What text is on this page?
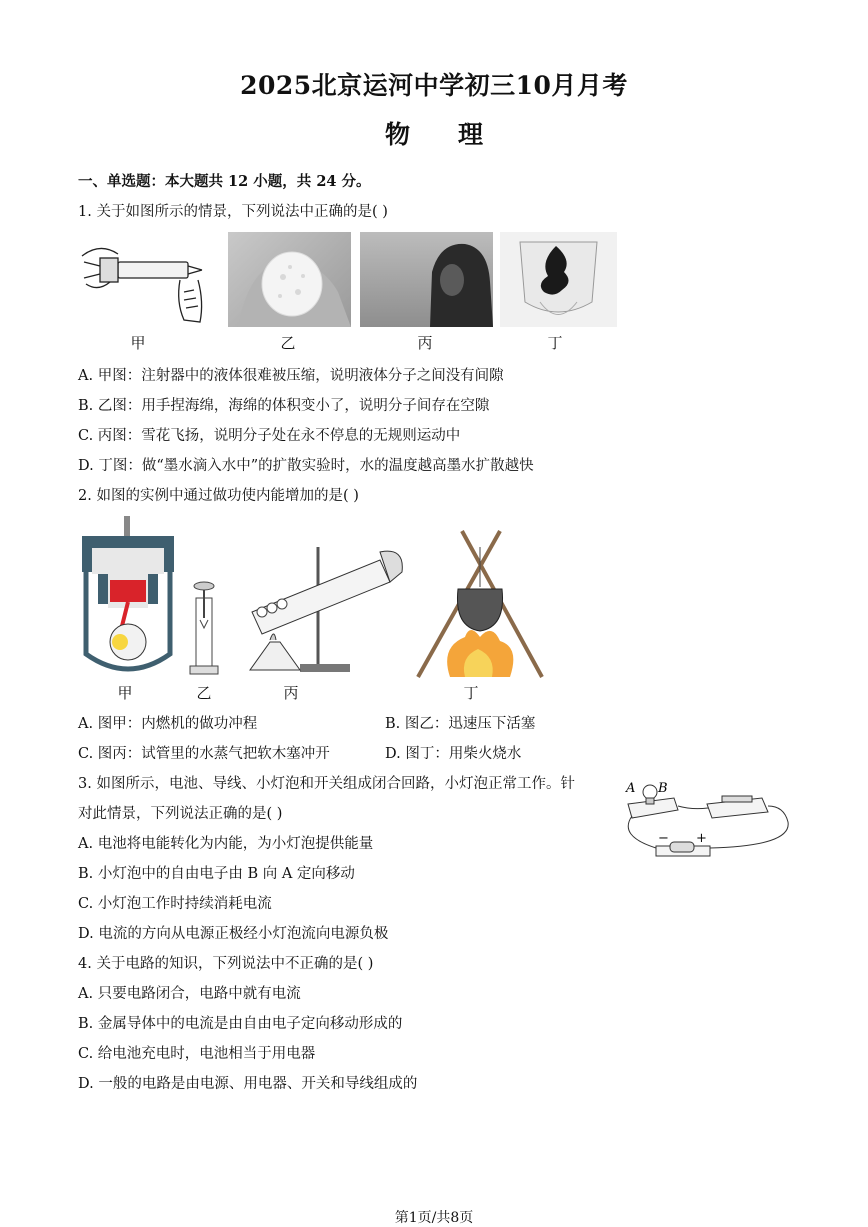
2025北京运河中学初三10月月考
物理
一、单选题：本大题共 12 小题，共 24 分。
1. 关于如图所示的情景，下列说法中正确的是( )
甲	乙	丙	丁
A. 甲图：注射器中的液体很难被压缩，说明液体分子之间没有间隙
B. 乙图：用手捏海绵，海绵的体积变小了，说明分子间存在空隙
C. 丙图：雪花飞扬，说明分子处在永不停息的无规则运动中
D. 丁图：做“墨水滴入水中”的扩散实验时，水的温度越高墨水扩散越快
2. 如图的实例中通过做功使内能增加的是( )
甲	乙	丙	丁
A. 图甲：内燃机的做功冲程	B. 图乙：迅速压下活塞
C. 图丙：试管里的水蒸气把软木塞冲开	D. 图丁：用柴火烧水
3. 如图所示，电池、导线、小灯泡和开关组成闭合回路，小灯泡正常工作。针
对此情景，下列说法正确的是( )
A B
− +
A. 电池将电能转化为内能，为小灯泡提供能量
B. 小灯泡中的自由电子由 B 向 A 定向移动
C. 小灯泡工作时持续消耗电流
D. 电流的方向从电源正极经小灯泡流向电源负极
4. 关于电路的知识，下列说法中不正确的是( )
A. 只要电路闭合，电路中就有电流
B. 金属导体中的电流是由自由电子定向移动形成的
C. 给电池充电时，电池相当于用电器
D. 一般的电路是由电源、用电器、开关和导线组成的
第1页/共8页
